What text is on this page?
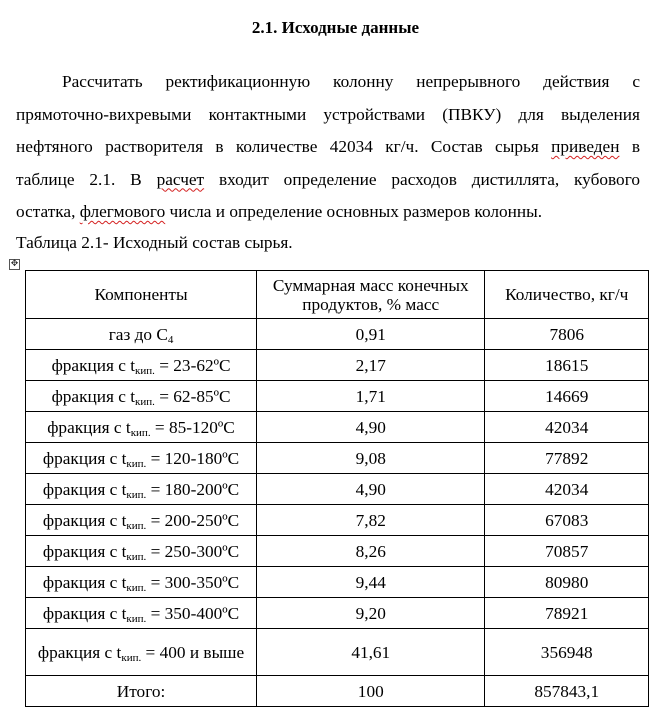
2.1. Исходные данные

Рассчитать ректификационную колонну непрерывного действия с
прямоточно-вихревыми контактными устройствами (ПВКУ) для выделения
нефтяного растворителя в количестве 42034 кг/ч. Состав сырья приведен в
таблице 2.1. В расчет входит определение расходов дистиллята, кубового
остатка, флегмового числа и определение основных размеров колонны.

Таблица 2.1- Исходный состав сырья.

✥
Компоненты	Суммарная масс конечных продуктов, % масс	Количество, кг/ч
газ до $С_4$	0,91	7806
фракция с $t_{кип.}$ = 23-62ºС	2,17	18615
фракция с $t_{кип.}$ = 62-85ºС	1,71	14669
фракция с $t_{кип.}$ = 85-120ºС	4,90	42034
фракция с $t_{кип.}$ = 120-180ºС	9,08	77892
фракция с $t_{кип.}$ = 180-200ºС	4,90	42034
фракция с $t_{кип.}$ = 200-250ºС	7,82	67083
фракция с $t_{кип.}$ = 250-300ºС	8,26	70857
фракция с $t_{кип.}$ = 300-350ºС	9,44	80980
фракция с $t_{кип.}$ = 350-400ºС	9,20	78921
фракция с $t_{кип.} = 400$ и выше	41,61	356948
Итого:	100	857843,1
